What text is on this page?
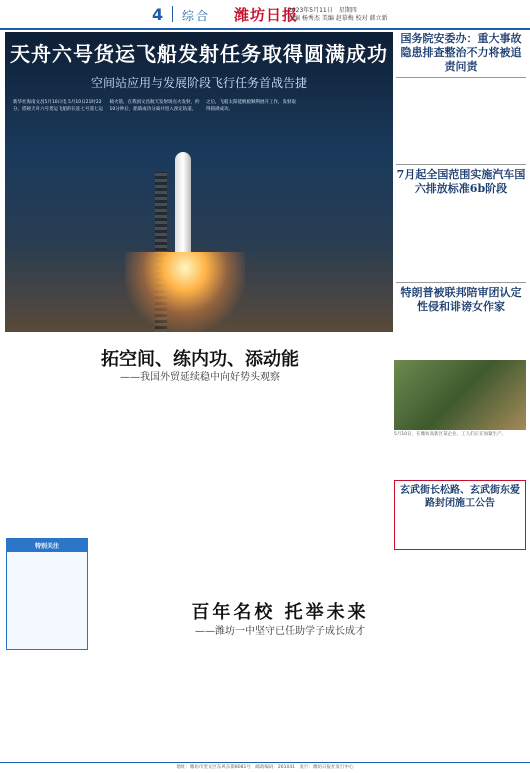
4 综合 潍坊日报
2023年5月11日　星期四
责编 杨秀杰 美编 赵慕梅 校对 韩立新
天舟六号货运飞船发射任务取得圆满成功
空间站应用与发展阶段飞行任务首战告捷
新华社海南文昌5月10日电 5月10日21时22分，搭载天舟六号货运飞船的长征七号遥七运载火箭，在我国文昌航天发射场点火发射，约10分钟后，船箭成功分离并进入预定轨道，之后，飞船太阳能帆板顺利展开工作，发射取得圆满成功。
国务院安委办：重大事故隐患排查整治不力将被追责问责
7月起全国范围实施汽车国六排放标准6b阶段
特朗普被联邦陪审团认定性侵和诽谤女作家
拓空间、练内功、添动能
——我国外贸延续稳中向好势头观察
5月10日，在潍坊高新区某企业，工人们正在加紧生产。
玄武街长松路、玄武街东爱路封闭施工公告
特别关注
百年名校 托举未来
——潍坊一中坚守已任助学子成长成才
地址：潍坊市奎文区东风东街8081号　邮政编码：261041　发行：潍坊日报社发行中心
